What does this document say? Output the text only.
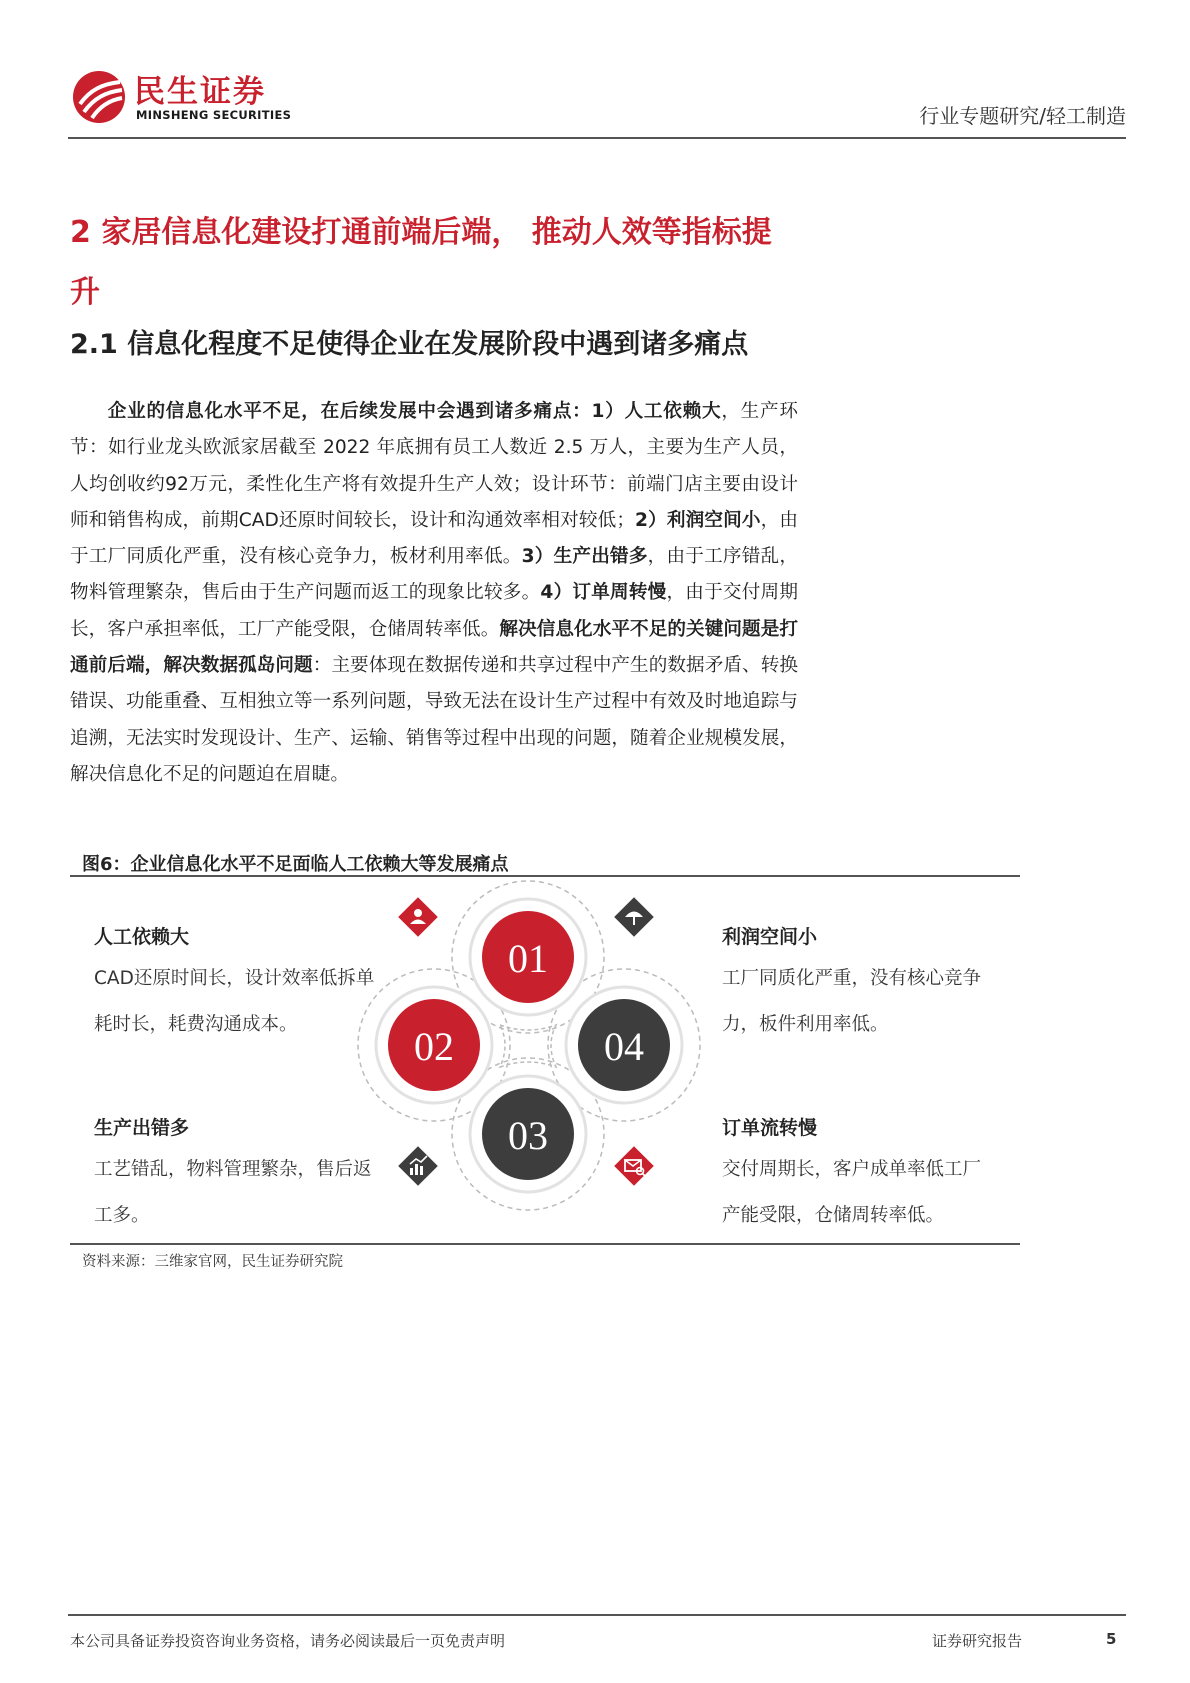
民生证券
MINSHENG SECURITIES	行业专题研究/轻工制造
2 家居信息化建设打通前端后端， 推动人效等指标提升
2.1 信息化程度不足使得企业在发展阶段中遇到诸多痛点
企业的信息化水平不足，在后续发展中会遇到诸多痛点：1）人工依赖大，生产环节：如行业龙头欧派家居截至 2022 年底拥有员工人数近 2.5 万人，主要为生产人员，人均创收约92万元，柔性化生产将有效提升生产人效；设计环节：前端门店主要由设计师和销售构成，前期CAD还原时间较长，设计和沟通效率相对较低；2）利润空间小，由于工厂同质化严重，没有核心竞争力，板材利用率低。3）生产出错多，由于工序错乱，物料管理繁杂，售后由于生产问题而返工的现象比较多。4）订单周转慢，由于交付周期长，客户承担率低，工厂产能受限，仓储周转率低。解决信息化水平不足的关键问题是打通前后端，解决数据孤岛问题：主要体现在数据传递和共享过程中产生的数据矛盾、转换错误、功能重叠、互相独立等一系列问题，导致无法在设计生产过程中有效及时地追踪与追溯，无法实时发现设计、生产、运输、销售等过程中出现的问题，随着企业规模发展，解决信息化不足的问题迫在眉睫。
图6：企业信息化水平不足面临人工依赖大等发展痛点
人工依赖大
CAD还原时间长，设计效率低拆单耗时长，耗费沟通成本。
利润空间小
工厂同质化严重，没有核心竞争力，板件利用率低。
生产出错多
工艺错乱，物料管理繁杂，售后返工多。
订单流转慢
交付周期长，客户成单率低工厂产能受限，仓储周转率低。
01
02
03
04
资料来源：三维家官网，民生证券研究院
本公司具备证券投资咨询业务资格，请务必阅读最后一页免责声明	证券研究报告	5
